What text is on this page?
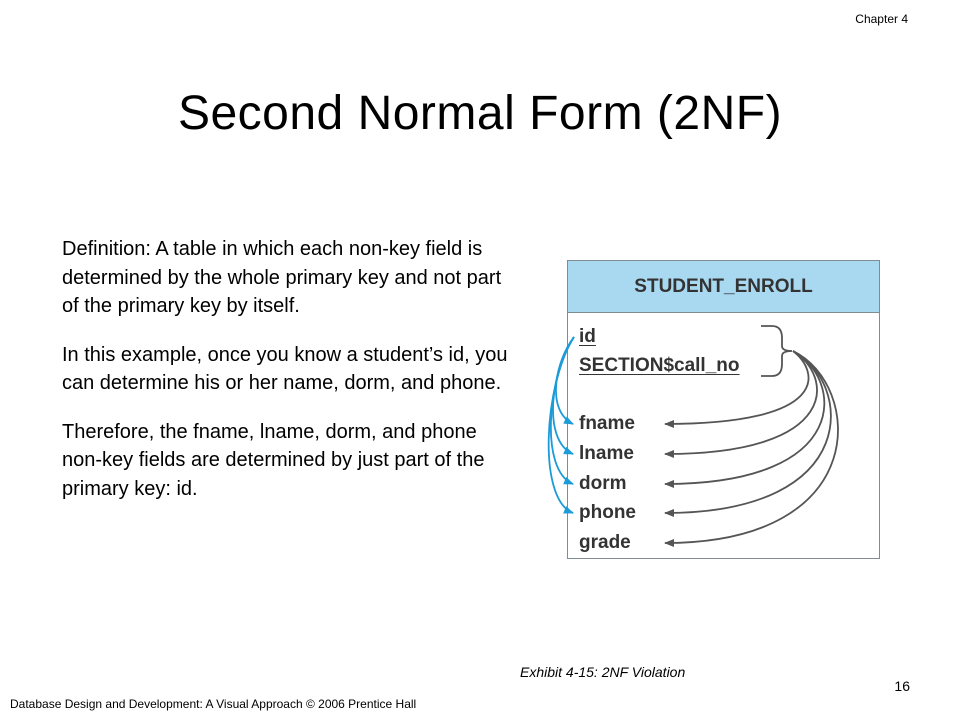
Chapter 4
Second Normal Form (2NF)

Definition: A table in which each non-key field is determined by the whole primary key and not part of the primary key by itself.

In this example, once you know a student’s id, you can determine his or her name, dorm, and phone.

Therefore, the fname, lname, dorm, and phone non-key fields are determined by just part of the primary key: id.

STUDENT_ENROLL
id
SECTION$call_no
fname
lname
dorm
phone
grade
Exhibit 4-15: 2NF Violation
Database Design and Development: A Visual Approach © 2006 Prentice Hall
16
